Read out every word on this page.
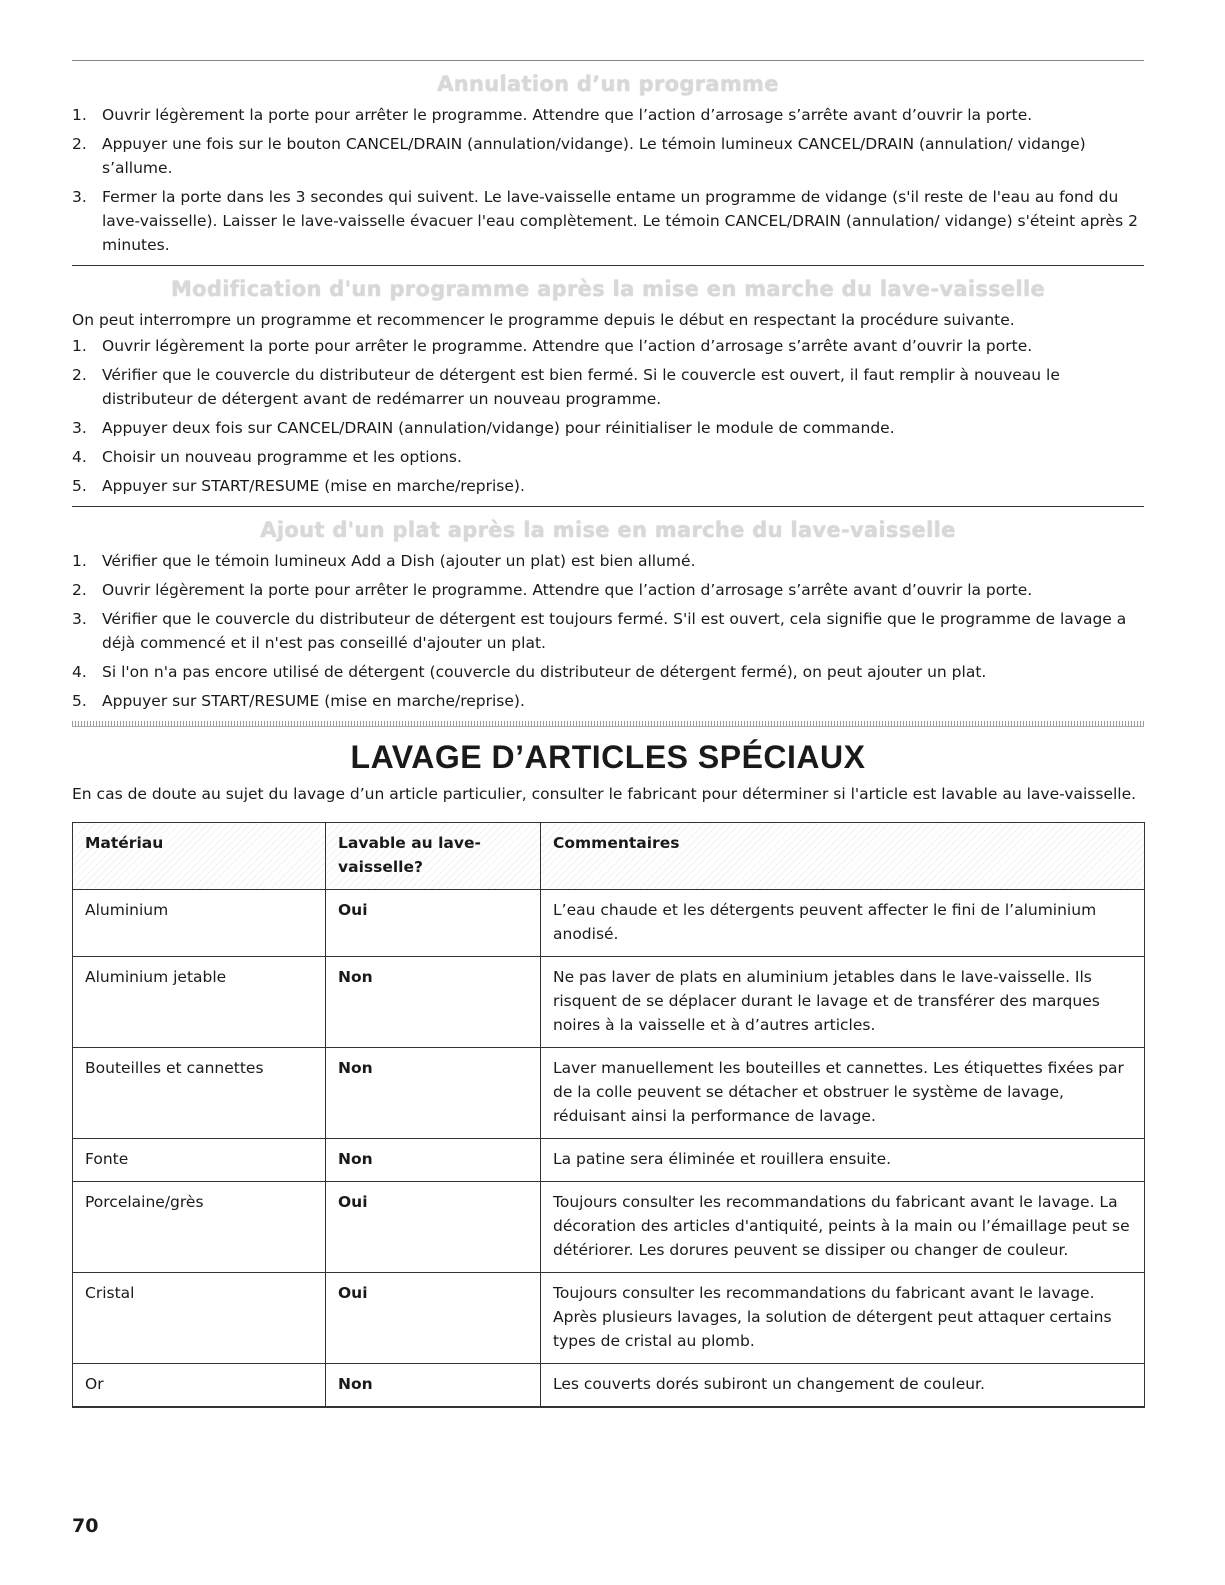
Annulation d’un programme
1. Ouvrir légèrement la porte pour arrêter le programme. Attendre que l’action d’arrosage s’arrête avant d’ouvrir la porte.
2. Appuyer une fois sur le bouton CANCEL/DRAIN (annulation/vidange). Le témoin lumineux CANCEL/DRAIN (annulation/ vidange) s’allume.
3. Fermer la porte dans les 3 secondes qui suivent. Le lave-vaisselle entame un programme de vidange (s'il reste de l'eau au fond du lave-vaisselle). Laisser le lave-vaisselle évacuer l'eau complètement. Le témoin CANCEL/DRAIN (annulation/ vidange) s'éteint après 2 minutes.
Modification d'un programme après la mise en marche du lave-vaisselle

On peut interrompre un programme et recommencer le programme depuis le début en respectant la procédure suivante.

1. Ouvrir légèrement la porte pour arrêter le programme. Attendre que l’action d’arrosage s’arrête avant d’ouvrir la porte.
2. Vérifier que le couvercle du distributeur de détergent est bien fermé. Si le couvercle est ouvert, il faut remplir à nouveau le distributeur de détergent avant de redémarrer un nouveau programme.
3. Appuyer deux fois sur CANCEL/DRAIN (annulation/vidange) pour réinitialiser le module de commande.
4. Choisir un nouveau programme et les options.
5. Appuyer sur START/RESUME (mise en marche/reprise).
Ajout d'un plat après la mise en marche du lave-vaisselle
1. Vérifier que le témoin lumineux Add a Dish (ajouter un plat) est bien allumé.
2. Ouvrir légèrement la porte pour arrêter le programme. Attendre que l’action d’arrosage s’arrête avant d’ouvrir la porte.
3. Vérifier que le couvercle du distributeur de détergent est toujours fermé. S'il est ouvert, cela signifie que le programme de lavage a déjà commencé et il n'est pas conseillé d'ajouter un plat.
4. Si l'on n'a pas encore utilisé de détergent (couvercle du distributeur de détergent fermé), on peut ajouter un plat.
5. Appuyer sur START/RESUME (mise en marche/reprise).
LAVAGE D’ARTICLES SPÉCIAUX

En cas de doute au sujet du lavage d’un article particulier, consulter le fabricant pour déterminer si l'article est lavable au lave-vaisselle.

Matériau	Lavable au lave-vaisselle?	Commentaires
Aluminium	Oui	L’eau chaude et les détergents peuvent affecter le fini de l’aluminium anodisé.
Aluminium jetable	Non	Ne pas laver de plats en aluminium jetables dans le lave-vaisselle. Ils risquent de se déplacer durant le lavage et de transférer des marques noires à la vaisselle et à d’autres articles.
Bouteilles et cannettes	Non	Laver manuellement les bouteilles et cannettes. Les étiquettes fixées par de la colle peuvent se détacher et obstruer le système de lavage, réduisant ainsi la performance de lavage.
Fonte	Non	La patine sera éliminée et rouillera ensuite.
Porcelaine/grès	Oui	Toujours consulter les recommandations du fabricant avant le lavage. La décoration des articles d'antiquité, peints à la main ou l’émaillage peut se détériorer. Les dorures peuvent se dissiper ou changer de couleur.
Cristal	Oui	Toujours consulter les recommandations du fabricant avant le lavage. Après plusieurs lavages, la solution de détergent peut attaquer certains types de cristal au plomb.
Or	Non	Les couverts dorés subiront un changement de couleur.
70
